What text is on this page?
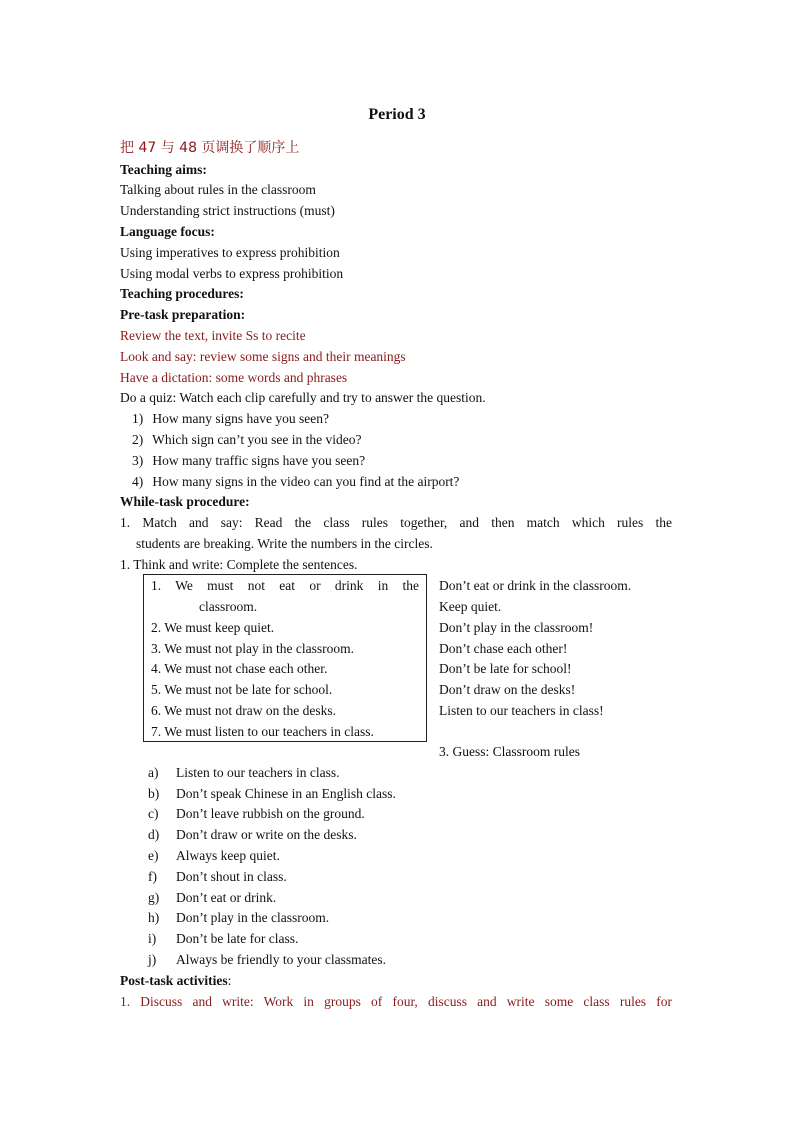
Period 3
把 47 与 48 页调换了顺序上
Teaching aims:
Talking about rules in the classroom
Understanding strict instructions (must)
Language focus:
Using imperatives to express prohibition
Using modal verbs to express prohibition
Teaching procedures:
Pre-task preparation:
Review the text, invite Ss to recite
Look and say: review some signs and their meanings
Have a dictation: some words and phrases
Do a quiz: Watch each clip carefully and try to answer the question.
1) How many signs have you seen?
2) Which sign can’t you see in the video?
3) How many traffic signs have you seen?
4) How many signs in the video can you find at the airport?
While-task procedure:
1. Match and say: Read the class rules together, and then match which rules the
students are breaking. Write the numbers in the circles.
1. Think and write: Complete the sentences.
1. We must not eat or drink in the
classroom.
2. We must keep quiet.
3. We must not play in the classroom.
4. We must not chase each other.
5. We must not be late for school.
6. We must not draw on the desks.
7. We must listen to our teachers in class.
Don’t eat or drink in the classroom.
Keep quiet.
Don’t play in the classroom!
Don’t chase each other!
Don’t be late for school!
Don’t draw on the desks!
Listen to our teachers in class!
3. Guess: Classroom rules
a) Listen to our teachers in class.
b) Don’t speak Chinese in an English class.
c) Don’t leave rubbish on the ground.
d) Don’t draw or write on the desks.
e) Always keep quiet.
f) Don’t shout in class.
g) Don’t eat or drink.
h) Don’t play in the classroom.
i) Don’t be late for class.
j) Always be friendly to your classmates.
Post-task activities:
1. Discuss and write: Work in groups of four, discuss and write some class rules for
